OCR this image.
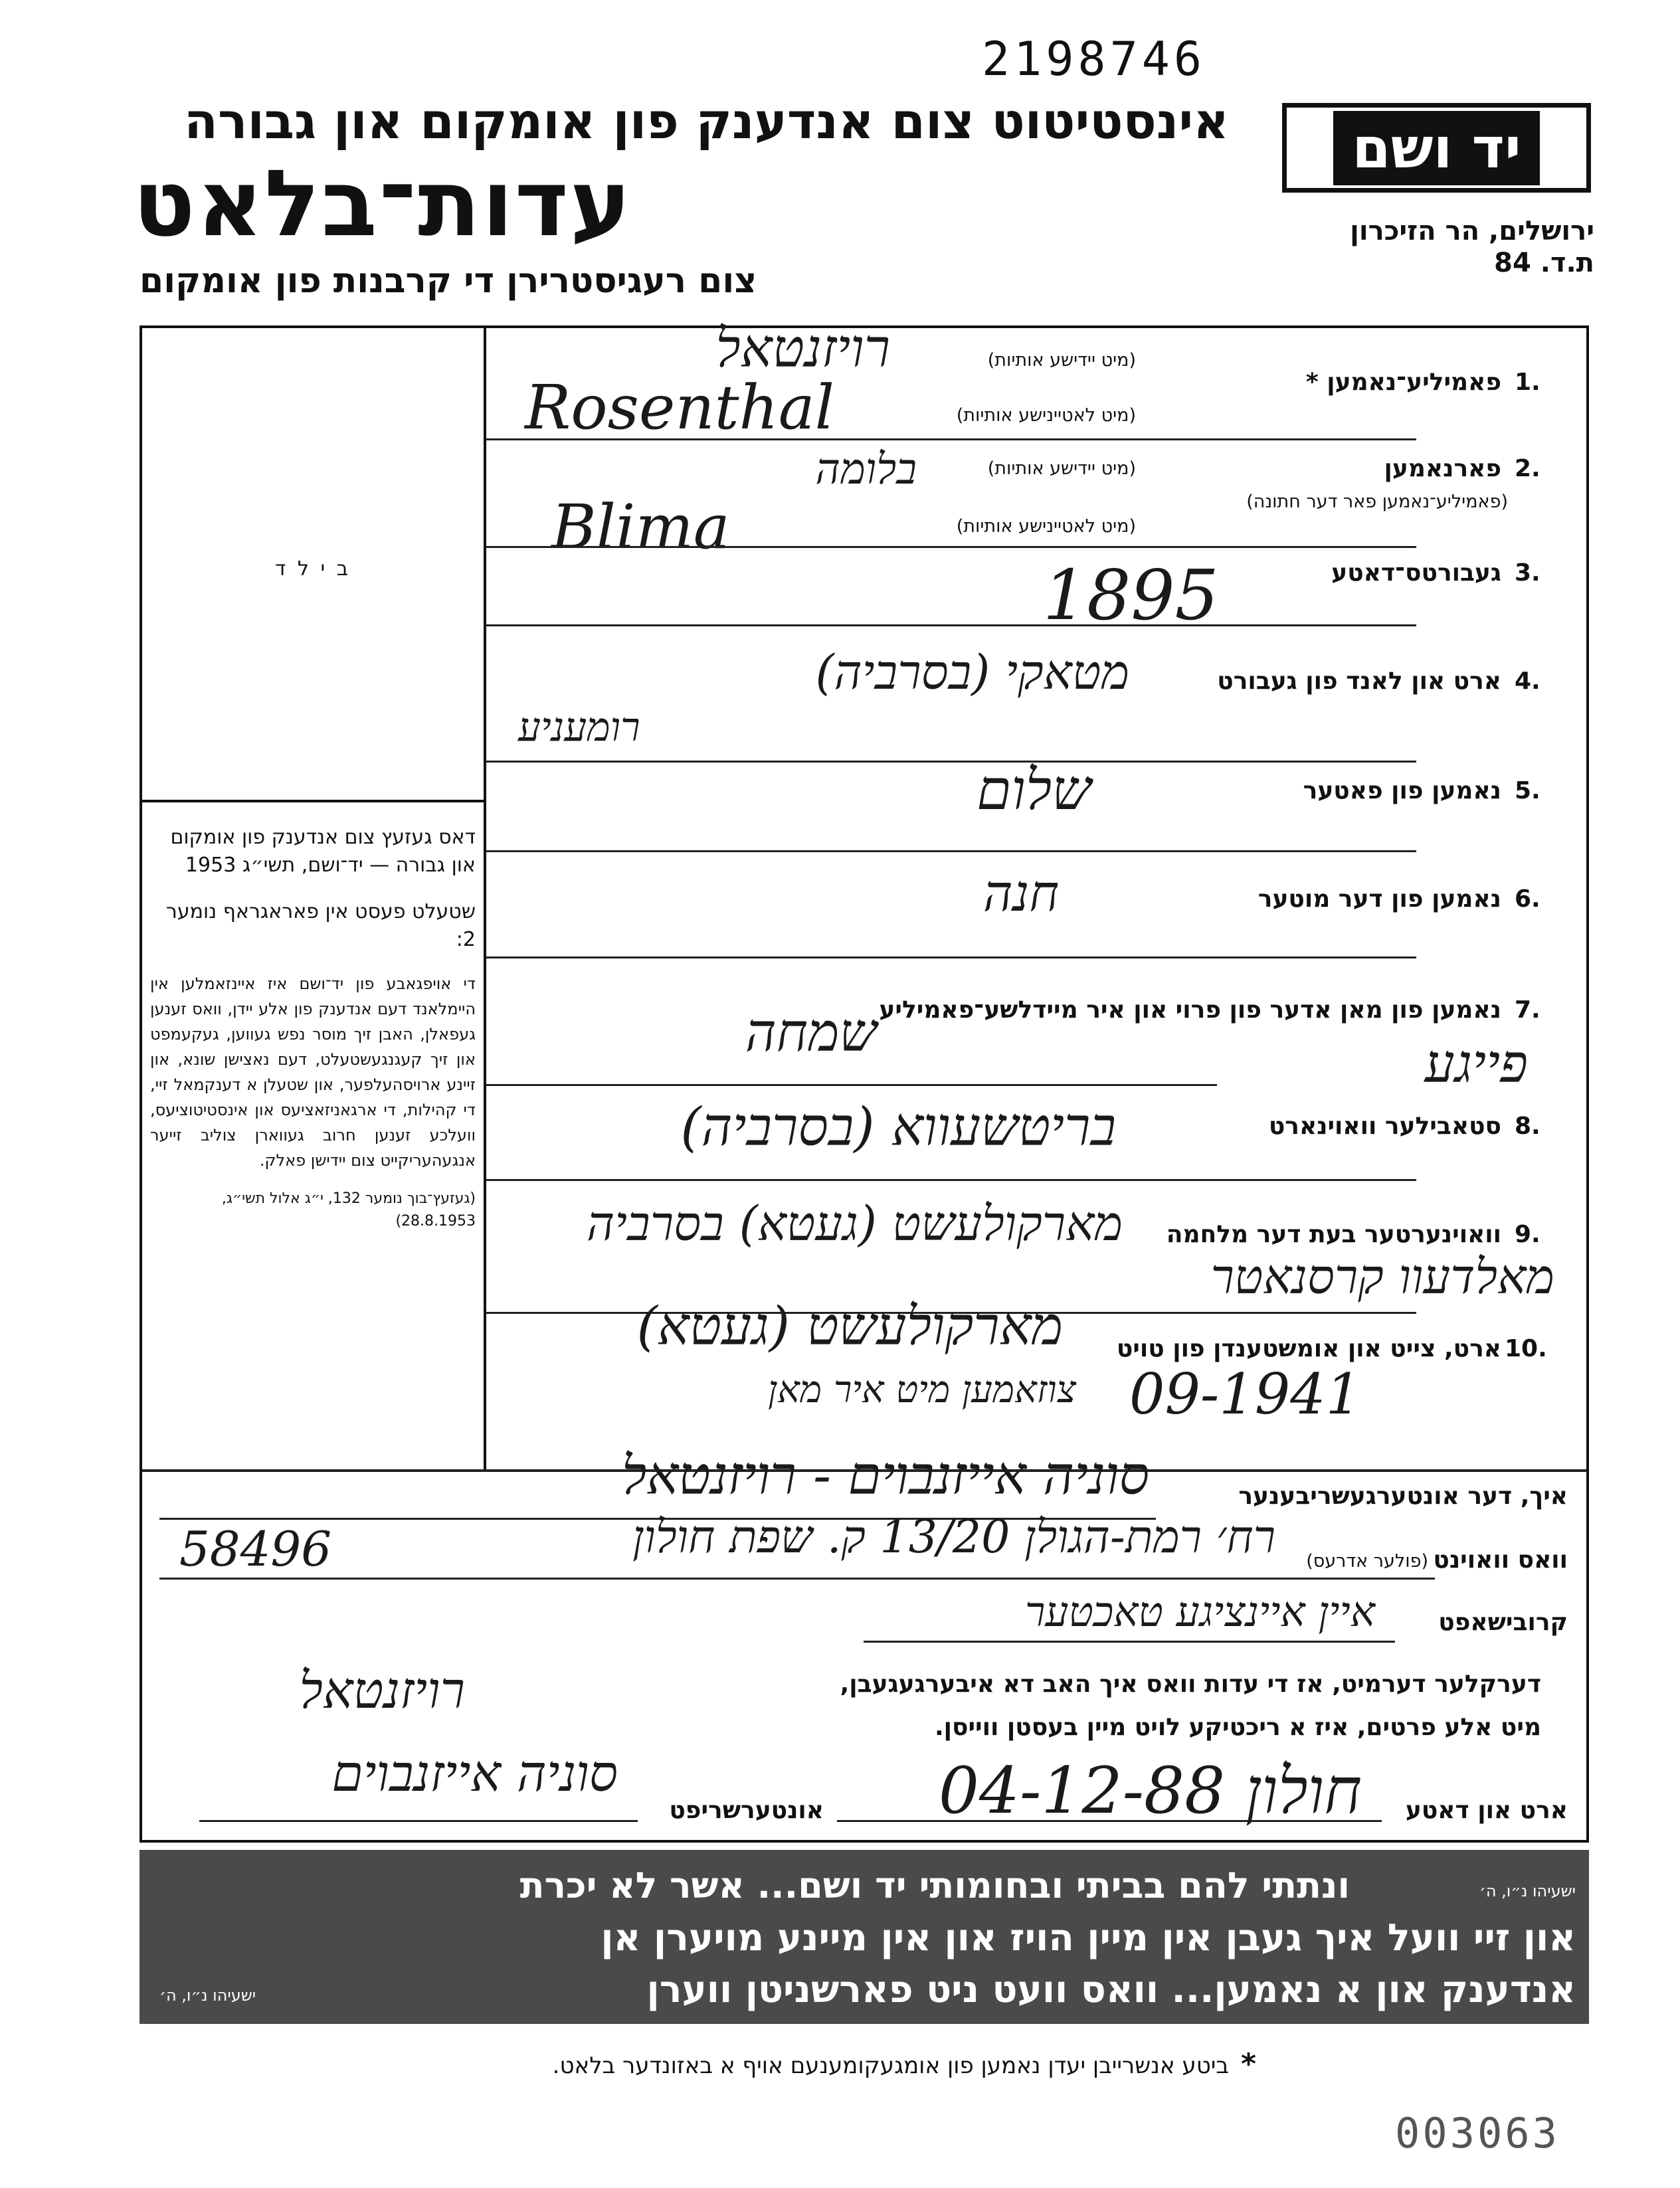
2198746
אינסטיטוט צום אנדענק פון אומקום און גבורה
עדות־בלאט
צום רעגיסטרירן די קרבנות פון אומקום
יד ושם
ירושלים, הר הזיכרון
ת.ד. 84
ב י ל ד
דאס געזעץ צום אנדענק פון אומקום און גבורה — יד־ושם, תשי״ג 1953
שטעלט פעסט אין פאראגראף נומער 2:
די אויפגאבע פון יד־ושם איז איינזאמלען אין היימלאנד דעם אנדענק פון אלע יידן, וואס זענען געפאלן, האבן זיך מוסר נפש געווען, געקעמפט און זיך קעגנגעשטעלט, דעם נאצישן שונא, און זיינע ארויסהעלפער, און שטעלן א דענקמאל זיי, די קהילות, די ארגאניזאציעס און אינסטיטוציעס, וועלכע זענען חרוב געווארן צוליב זייער אנגעהעריקייט צום יידישן פאלק.
(געזעץ־בוך נומער 132, י״ג אלול תשי״ג, 28.8.1953)
1.
פאמיליע־נאמען *
(מיט יידישע אותיות)
(מיט לאטיינישע אותיות)
רויזנטאל
Rosenthal
2.
פארנאמען
(פאמיליע־נאמען פאר דער חתונה)
(מיט יידישע אותיות)
(מיט לאטיינישע אותיות)
בלומה
Blima
3.
געבורטס־דאטע
1895
4.
ארט און לאנד פון געבורט
מטאקי (בסרביה)
רומעניע
5.
נאמען פון פאטער
שלום
6.
נאמען פון דער מוטער
חנה
7.
נאמען פון מאן אדער פון פרוי און איר מיידלשע־פאמיליע
שמחה
פייגע
8.
סטאבילער וואוינארט
בריטשעווא (בסרביה)
9.
וואוינערטער בעת דער מלחמה
מארקולעשט (געטא) בסרביה
מאלדעוו קרסנאטר
10.
ארט, צייט און אומשטענדן פון טויט
מארקולעשט (געטא)
צוזאמען מיט איר מאן 09-1941
איך, דער אונטערגעשריבענער
סוניה אייזנבוים - רויזנטאל
וואס וואוינט
(פולער אדרעס)
רח׳ רמת-הגולן 13/20 ק. שפת חולון
58496
קרובישאפט
איין איינציגע טאכטער
דערקלער דערמיט, אז די עדות וואס איך האב דא איבערגעגעבן,
מיט אלע פרטים, איז א ריכטיקע לויט מיין בעסטן ווייסן.
רויזנטאל
ארט און דאטע
חולון 04-12-88
אונטערשריפט
סוניה אייזנבוים
ונתתי להם בביתי ובחומותי יד ושם... אשר לא יכרת	ישעיהו נ״ו, ה׳
און זיי וועל איך געבן אין מיין הויז און אין מיינע מויערן אן
אנדענק און א נאמען... וואס וועט ניט פארשניטן ווערן
ישעיהו נ״ו, ה׳
ביטע אנשרייבן יעדן נאמען פון אומגעקומענעם אויף א באזונדער בלאט. *
003063
